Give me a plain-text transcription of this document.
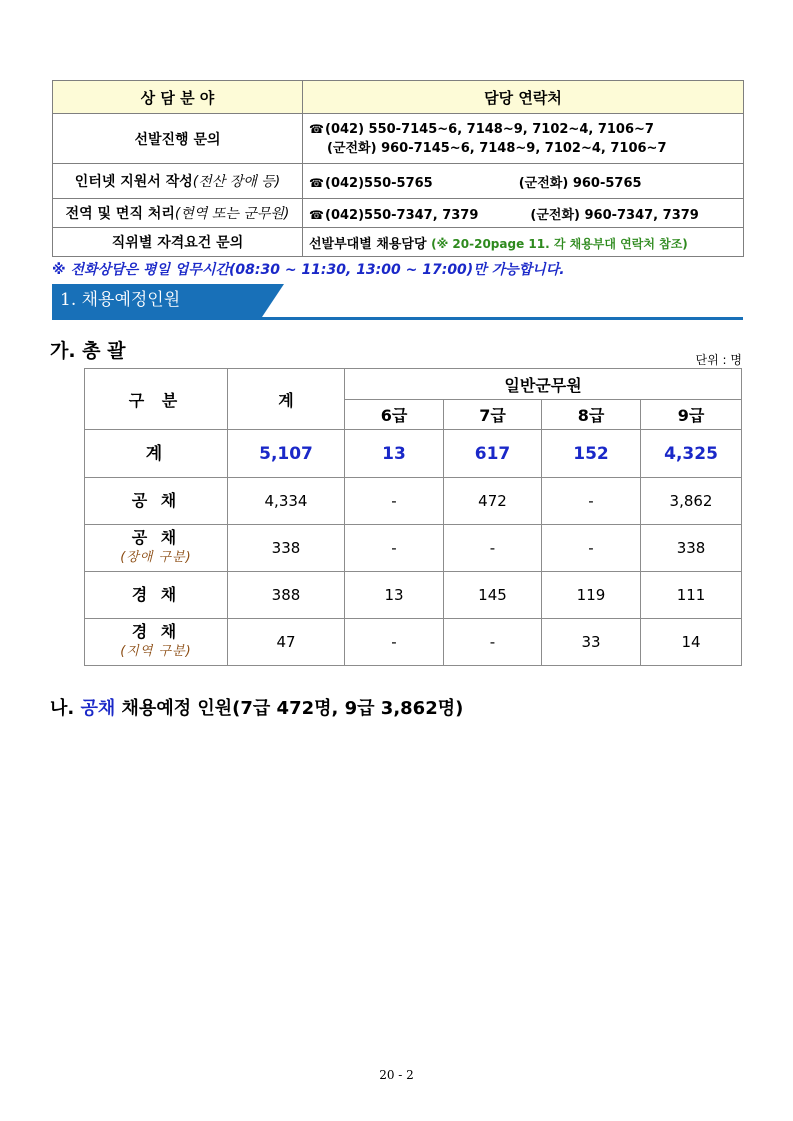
상 담 분 야	담당 연락처
선발진행 문의	☎(042) 550-7145~6, 7148~9, 7102~4, 7106~7
(군전화) 960-7145~6, 7148~9, 7102~4, 7106~7

인터넷 지원서 작성(전산 장애 등)	☎(042)550-5765 (군전화) 960-5765
전역 및 면직 처리(현역 또는 군무원)	☎(042)550-7347, 7379 (군전화) 960-7347, 7379
직위별 자격요건 문의	선발부대별 채용담당 (※ 20-20page 11. 각 채용부대 연락처 참조)
※ 전화상담은 평일 업무시간(08:30 ~ 11:30, 13:00 ~ 17:00)만 가능합니다.
1. 채용예정인원
가. 총 괄	단위 : 명
구 분	계	일반군무원			
		6급	7급	8급	9급
계	5,107	13	617	152	4,325
공 채	4,334	-	472	-	3,862
공 채
(장애 구분)	338	-	-	-	338
경 채	388	13	145	119	111
경 채
(지역 구분)	47	-	-	33	14
나. 공채 채용예정 인원(7급 472명, 9급 3,862명)
20 - 2
